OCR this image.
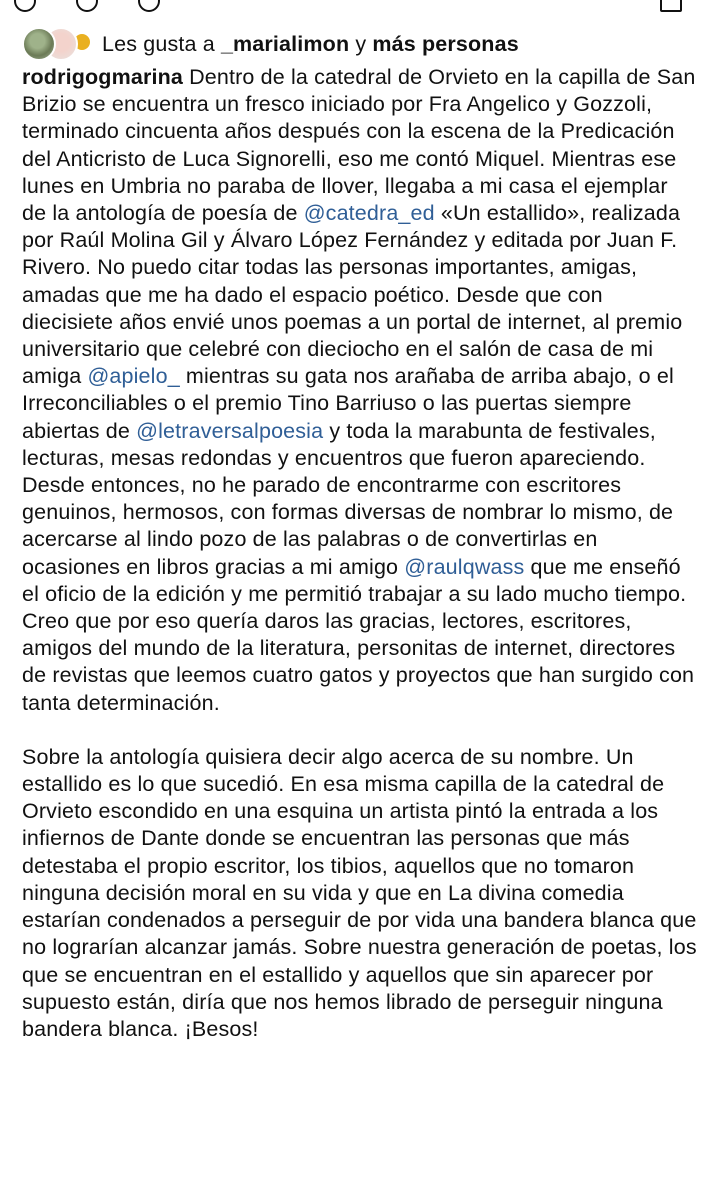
Les gusta a _marialimon y más personas

rodrigogmarina Dentro de la catedral de Orvieto en la capilla de San Brizio se encuentra un fresco iniciado por Fra Angelico y Gozzoli, terminado cincuenta años después con la escena de la Predicación del Anticristo de Luca Signorelli, eso me contó Miquel. Mientras ese lunes en Umbria no paraba de llover, llegaba a mi casa el ejemplar de la antología de poesía de @catedra_ed «Un estallido», realizada por Raúl Molina Gil y Álvaro López Fernández y editada por Juan F. Rivero. No puedo citar todas las personas importantes, amigas, amadas que me ha dado el espacio poético. Desde que con diecisiete años envié unos poemas a un portal de internet, al premio universitario que celebré con dieciocho en el salón de casa de mi amiga @apielo_ mientras su gata nos arañaba de arriba abajo, o el Irreconciliables o el premio Tino Barriuso o las puertas siempre abiertas de @letraversalpoesia y toda la marabunta de festivales, lecturas, mesas redondas y encuentros que fueron apareciendo. Desde entonces, no he parado de encontrarme con escritores genuinos, hermosos, con formas diversas de nombrar lo mismo, de acercarse al lindo pozo de las palabras o de convertirlas en ocasiones en libros gracias a mi amigo @raulqwass que me enseñó el oficio de la edición y me permitió trabajar a su lado mucho tiempo. Creo que por eso quería daros las gracias, lectores, escritores, amigos del mundo de la literatura, personitas de internet, directores de revistas que leemos cuatro gatos y proyectos que han surgido con tanta determinación.

Sobre la antología quisiera decir algo acerca de su nombre. Un estallido es lo que sucedió. En esa misma capilla de la catedral de Orvieto escondido en una esquina un artista pintó la entrada a los infiernos de Dante donde se encuentran las personas que más detestaba el propio escritor, los tibios, aquellos que no tomaron ninguna decisión moral en su vida y que en La divina comedia estarían condenados a perseguir de por vida una bandera blanca que no lograrían alcanzar jamás. Sobre nuestra generación de poetas, los que se encuentran en el estallido y aquellos que sin aparecer por supuesto están, diría que nos hemos librado de perseguir ninguna bandera blanca. ¡Besos!
